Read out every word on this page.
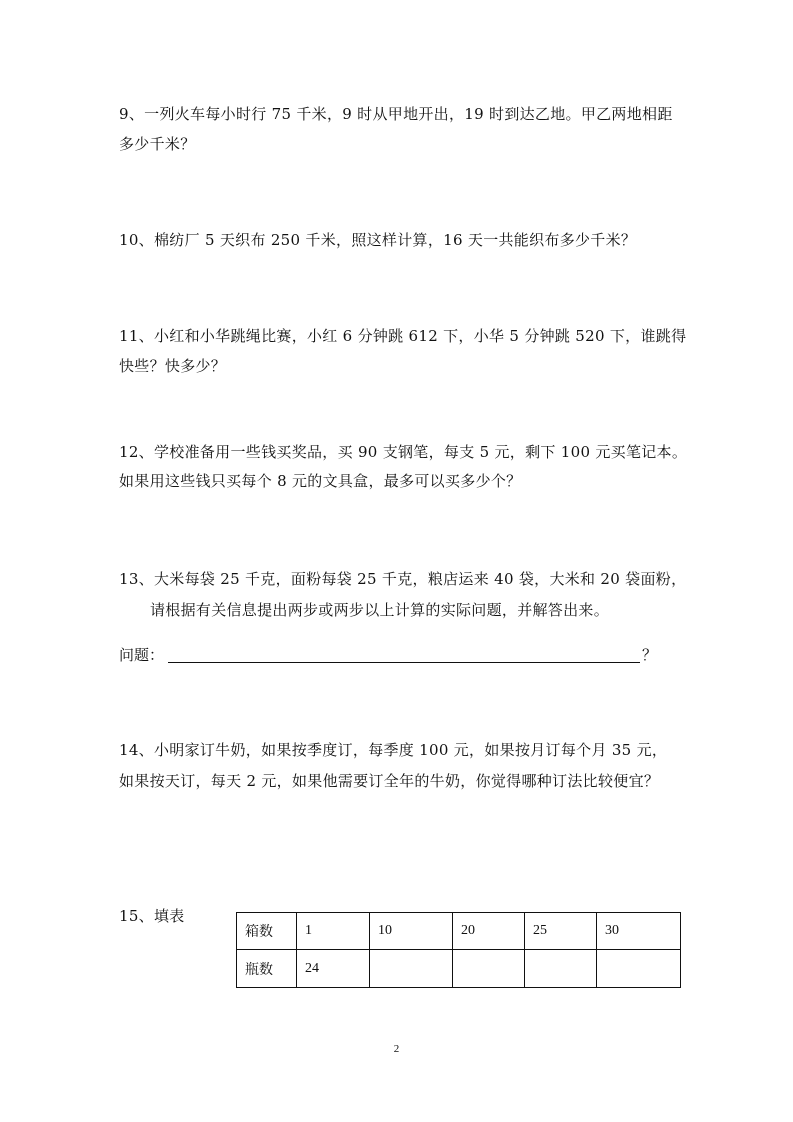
9、一列火车每小时行 75 千米，9 时从甲地开出，19 时到达乙地。甲乙两地相距
多少千米？
10、棉纺厂 5 天织布 250 千米，照这样计算，16 天一共能织布多少千米？
11、小红和小华跳绳比赛，小红 6 分钟跳 612 下，小华 5 分钟跳 520 下，谁跳得
快些？快多少？
12、学校准备用一些钱买奖品，买 90 支钢笔，每支 5 元，剩下 100 元买笔记本。
如果用这些钱只买每个 8 元的文具盒，最多可以买多少个？
13、大米每袋 25 千克，面粉每袋 25 千克，粮店运来 40 袋，大米和 20 袋面粉，
请根据有关信息提出两步或两步以上计算的实际问题，并解答出来。
问题：	？
14、小明家订牛奶，如果按季度订，每季度 100 元，如果按月订每个月 35 元，
如果按天订，每天 2 元，如果他需要订全年的牛奶，你觉得哪种订法比较便宜？
15、填表
箱数	1	10	20	25	30
瓶数	24				
2
